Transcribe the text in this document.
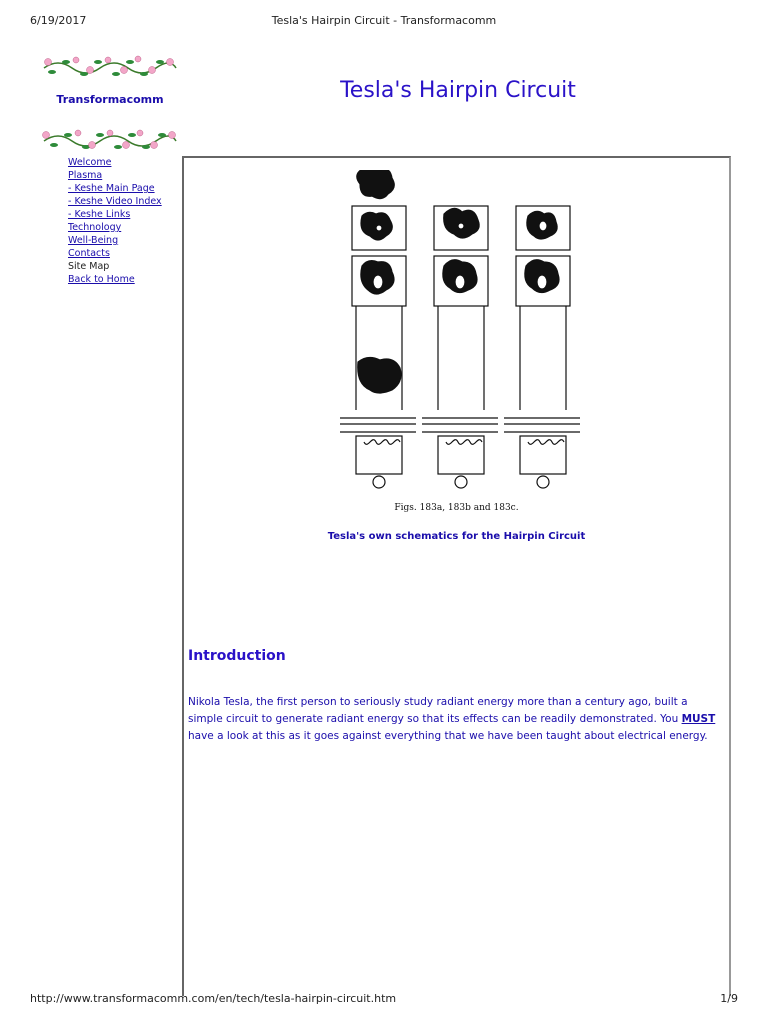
6/19/2017	Tesla's Hairpin Circuit - Transformacomm
Transformacomm	Tesla's Hairpin Circuit
Welcome
Plasma
- Keshe Main Page
- Keshe Video Index
- Keshe Links
Technology
Well-Being
Contacts
Site Map
Back to Home
Figs. 183a, 183b and 183c.
Tesla's own schematics for the Hairpin Circuit
Introduction

Nikola Tesla, the first person to seriously study radiant energy more than a century ago, built a simple circuit to generate radiant energy so that its effects can be readily demonstrated. You MUST have a look at this as it goes against everything that we have been taught about electrical energy.

http://www.transformacomm.com/en/tech/tesla-hairpin-circuit.htm	1/9
